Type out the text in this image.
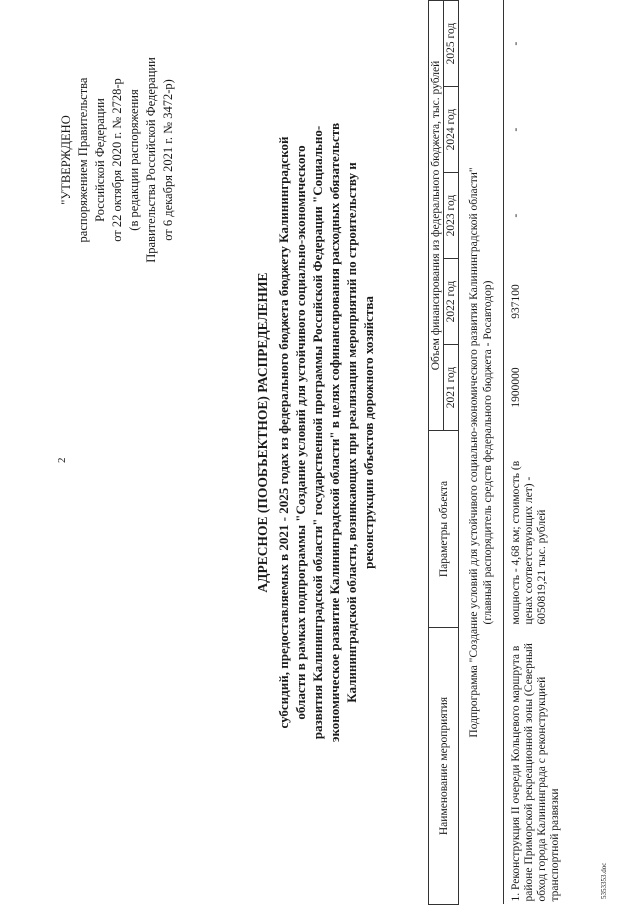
2
"УТВЕРЖДЕНО распоряжением Правительства Российской Федерации от 22 октября 2020 г. № 2728-р (в редакции распоряжения Правительства Российской Федерации от 6 декабря 2021 г. № 3472-р)
АДРЕСНОЕ (ПООБЪЕКТНОЕ) РАСПРЕДЕЛЕНИЕ субсидий, предоставляемых в 2021 - 2025 годах из федерального бюджета бюджету Калининградской области в рамках подпрограммы "Создание условий для устойчивого социально-экономического развития Калининградской области" государственной программы Российской Федерации "Социально-экономическое развитие Калининградской области" в целях софинансирования расходных обязательств Калининградской области, возникающих при реализации мероприятий по строительству и реконструкции объектов дорожного хозяйства
Наименование мероприятия	Параметры объекта	Объем финансирования из федерального бюджета, тыс. рублей				
		2021 год	2022 год	2023 год	2024 год	2025 год

Подпрограмма "Создание условий для устойчивого социально-экономического развития Калининградской области" (главный распорядитель средств федерального бюджета - Росавтодор)						

1. Реконструкция II очереди Кольцевого маршрута в районе Приморской рекреационной зоны (Северный обход города Калининграда с реконструкцией транспортной развязки	мощность - 4,68 км; стоимость (в ценах соответствующих лет) - 6050819,21 тыс. рублей	1900000	937100	-	-	-
5353353.doc
